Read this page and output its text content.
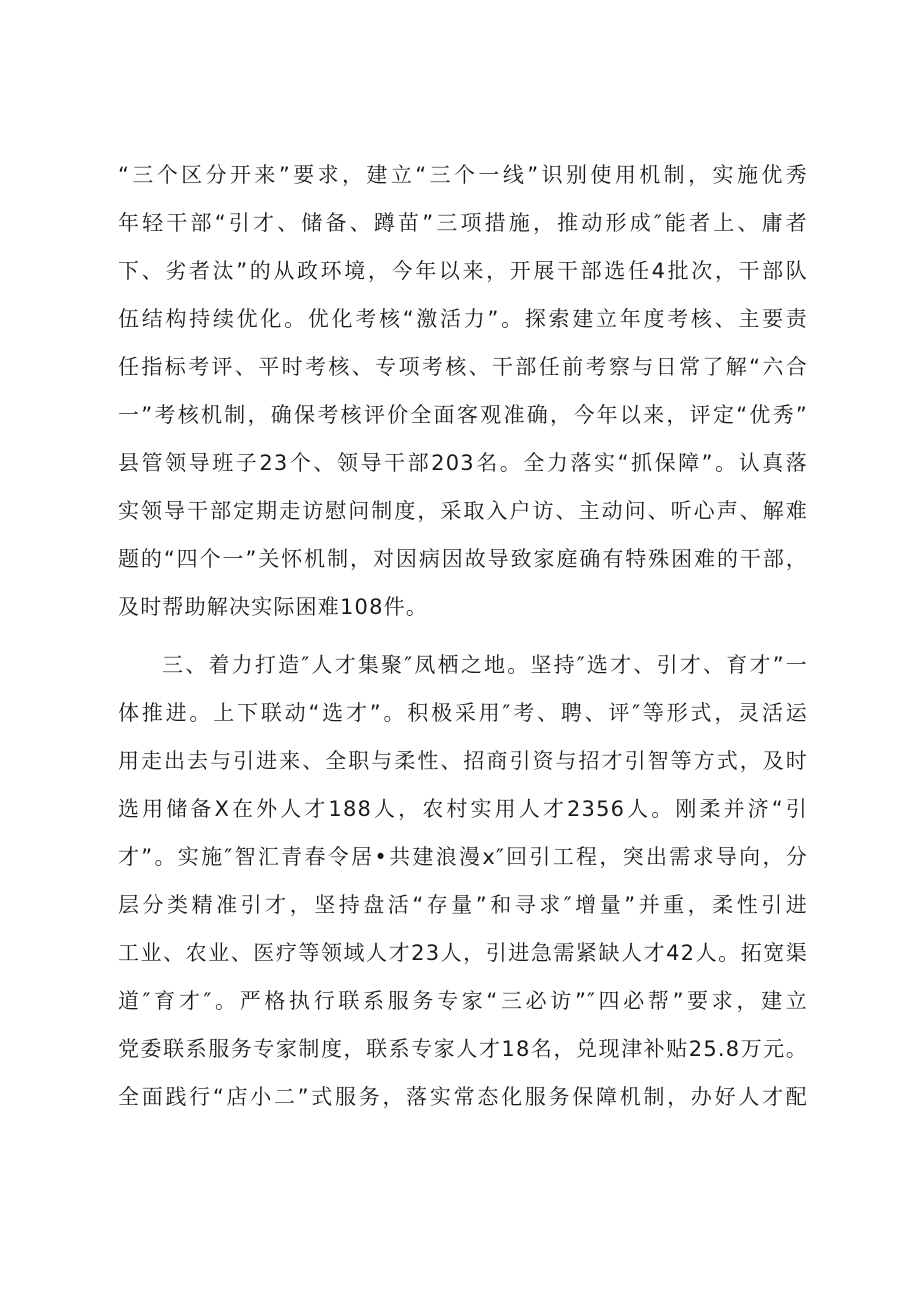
“三个区分开来”要求，建立“三个一线”识别使用机制，实施优秀
年轻干部“引才、储备、蹲苗”三项措施，推动形成″能者上、庸者
下、劣者汰”的从政环境，今年以来，开展干部选任4批次，干部队
伍结构持续优化。优化考核“激活力”。探索建立年度考核、主要责
任指标考评、平时考核、专项考核、干部任前考察与日常了解“六合
一”考核机制，确保考核评价全面客观准确，今年以来，评定“优秀”
县管领导班子23个、领导干部203名。全力落实“抓保障”。认真落
实领导干部定期走访慰问制度，采取入户访、主动问、听心声、解难
题的“四个一”关怀机制，对因病因故导致家庭确有特殊困难的干部，
及时帮助解决实际困难108件。
三、着力打造″人才集聚″凤栖之地。坚持″选才、引才、育才”一
体推进。上下联动“选才”。积极采用″考、聘、评″等形式，灵活运
用走出去与引进来、全职与柔性、招商引资与招才引智等方式，及时
选用储备X在外人才188人，农村实用人才2356人。刚柔并济“引
才”。实施″智汇青春令居•共建浪漫x″回引工程，突出需求导向，分
层分类精准引才，坚持盘活“存量”和寻求″增量”并重，柔性引进
工业、农业、医疗等领域人才23人，引进急需紧缺人才42人。拓宽渠
道″育才″。严格执行联系服务专家“三必访”″四必帮”要求，建立
党委联系服务专家制度，联系专家人才18名，兑现津补贴25.8万元。
全面践行“店小二”式服务，落实常态化服务保障机制，办好人才配
